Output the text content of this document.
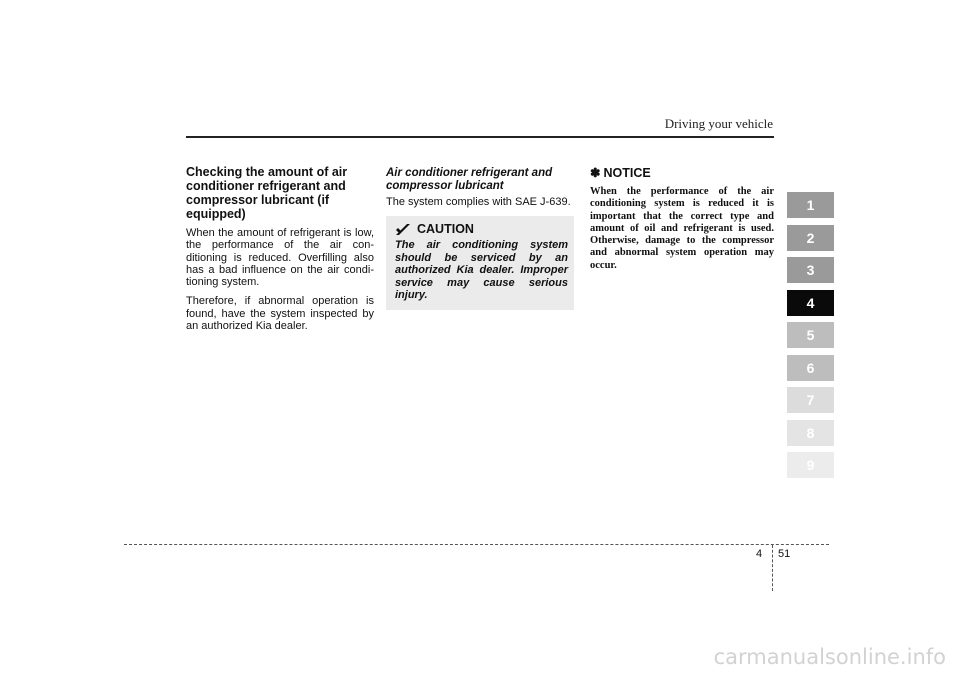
Driving your vehicle
Checking the amount of air conditioner refrigerant and compressor lubricant (if equipped)

When the amount of refrigerant is low, the performance of the air con-ditioning is reduced. Overfilling also has a bad influence on the air condi-tioning system.

Therefore, if abnormal operation is found, have the system inspected by an authorized Kia dealer.

Air conditioner refrigerant and compressor lubricant

The system complies with SAE J-639.

CAUTION

The air conditioning system should be serviced by an authorized Kia dealer. Improper service may cause serious injury.

✽ NOTICE

When the performance of the air conditioning system is reduced it is important that the correct type and amount of oil and refrigerant is used. Otherwise, damage to the compressor and abnormal system operation may occur.

1
2
3
4
5
6
7
8
9
4 51
carmanualsonline.info
